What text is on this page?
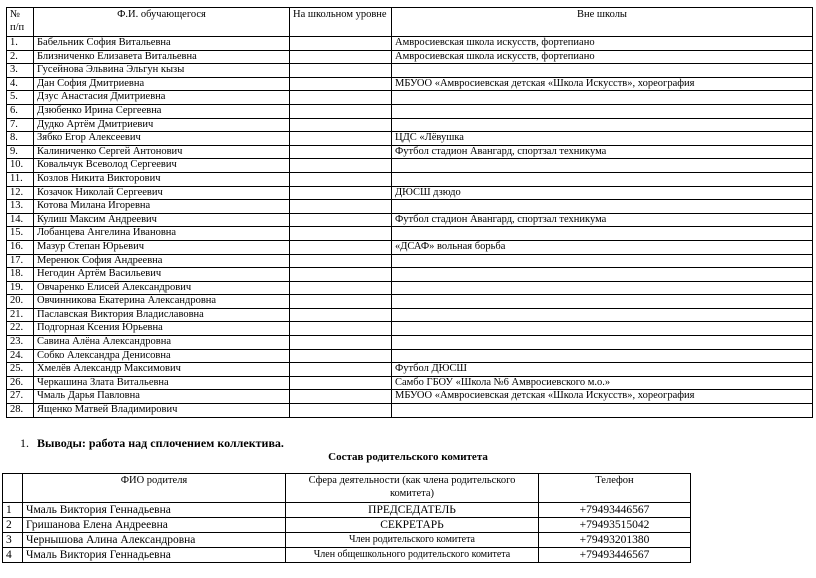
№ п/п	Ф.И. обучающегося	На школьном уровне	Вне школы
1.	Бабельник София Витальевна		Амвросиевская школа искусств, фортепиано
2.	Близниченко Елизавета Витальевна		Амвросиевская школа искусств, фортепиано
3.	Гусейнова Эльвина Эльгун кызы		
4.	Дан София Дмитриевна		МБУОО «Амвросиевская детская «Школа Искусств», хореография
5.	Дзус Анастасия Дмитриевна		
6.	Дзюбенко Ирина Сергеевна		
7.	Дудко Артём Дмитриевич		
8.	Зябко Егор Алексеевич		ЦДС «Лёвушка
9.	Калиниченко Сергей Антонович		Футбол стадион Авангард, спортзал техникума
10.	Ковальчук Всеволод Сергеевич		
11.	Козлов Никита Викторович		
12.	Козачок Николай Сергеевич		ДЮСШ дзюдо
13.	Котова Милана Игоревна		
14.	Кулиш Максим Андреевич		Футбол стадион Авангард, спортзал техникума
15.	Лобанцева Ангелина Ивановна		
16.	Мазур Степан Юрьевич		«ДСАФ» вольная борьба
17.	Меренюк София Андреевна		
18.	Негодин Артём Васильевич		
19.	Овчаренко Елисей Александрович		
20.	Овчинникова Екатерина Александровна		
21.	Паславская Виктория Владиславовна		
22.	Подгорная Ксения Юрьевна		
23.	Савина Алёна Александровна		
24.	Собко Александра Денисовна		
25.	Хмелёв Александр Максимович		Футбол ДЮСШ
26.	Черкашина Злата Витальевна		Самбо ГБОУ «Школа №6 Амвросиевского м.о.»
27.	Чмаль Дарья Павловна		МБУОО «Амвросиевская детская «Школа Искусств», хореография
28.	Ященко Матвей Владимирович		
1. Выводы: работа над сплочением коллектива.
Состав родительского комитета
	ФИО родителя	Сфера деятельности (как члена родительского комитета)	Телефон
1	Чмаль Виктория Геннадьевна	ПРЕДСЕДАТЕЛЬ	+79493446567
2	Гришанова Елена Андреевна	СЕКРЕТАРЬ	+79493515042
3	Чернышова Алина Александровна	Член родительского комитета	+79493201380
4	Чмаль Виктория Геннадьевна	Член общешкольного родительского комитета	+79493446567
